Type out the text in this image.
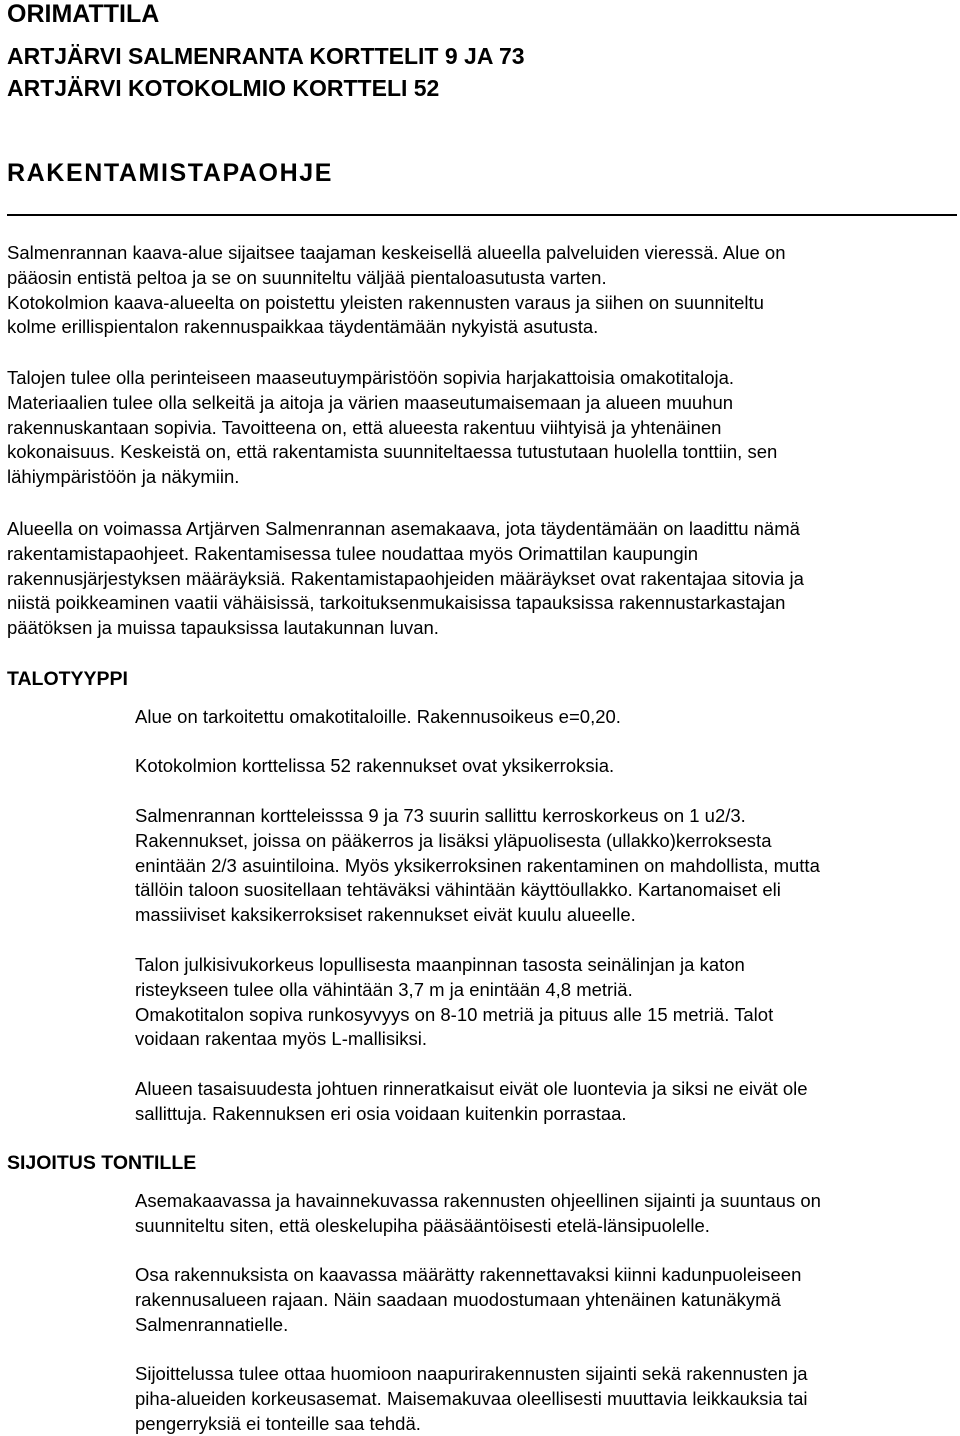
ORIMATTILA
ARTJÄRVI SALMENRANTA KORTTELIT 9 JA 73
ARTJÄRVI KOTOKOLMIO KORTTELI 52
RAKENTAMISTAPAOHJE

Salmenrannan kaava-alue sijaitsee taajaman keskeisellä alueella palveluiden vieressä. Alue on
pääosin entistä peltoa ja se on suunniteltu väljää pientaloasutusta varten.
Kotokolmion kaava-alueelta on poistettu yleisten rakennusten varaus ja siihen on suunniteltu
kolme erillispientalon rakennuspaikkaa täydentämään nykyistä asutusta.

Talojen tulee olla perinteiseen maaseutuympäristöön sopivia harjakattoisia omakotitaloja.
Materiaalien tulee olla selkeitä ja aitoja ja värien maaseutumaisemaan ja alueen muuhun
rakennuskantaan sopivia. Tavoitteena on, että alueesta rakentuu viihtyisä ja yhtenäinen
kokonaisuus. Keskeistä on, että rakentamista suunniteltaessa tutustutaan huolella tonttiin, sen
lähiympäristöön ja näkymiin.

Alueella on voimassa Artjärven Salmenrannan asemakaava, jota täydentämään on laadittu nämä
rakentamistapaohjeet. Rakentamisessa tulee noudattaa myös Orimattilan kaupungin
rakennusjärjestyksen määräyksiä. Rakentamistapaohjeiden määräykset ovat rakentajaa sitovia ja
niistä poikkeaminen vaatii vähäisissä, tarkoituksenmukaisissa tapauksissa rakennustarkastajan
päätöksen ja muissa tapauksissa lautakunnan luvan.

TALOTYYPPI

Alue on tarkoitettu omakotitaloille. Rakennusoikeus e=0,20.

Kotokolmion korttelissa 52 rakennukset ovat yksikerroksia.

Salmenrannan kortteleisssa 9 ja 73 suurin sallittu kerroskorkeus on 1 u2/3.
Rakennukset, joissa on pääkerros ja lisäksi yläpuolisesta (ullakko)kerroksesta
enintään 2/3 asuintiloina. Myös yksikerroksinen rakentaminen on mahdollista, mutta
tällöin taloon suositellaan tehtäväksi vähintään käyttöullakko. Kartanomaiset eli
massiiviset kaksikerroksiset rakennukset eivät kuulu alueelle.

Talon julkisivukorkeus lopullisesta maanpinnan tasosta seinälinjan ja katon
risteykseen tulee olla vähintään 3,7 m ja enintään 4,8 metriä.
Omakotitalon sopiva runkosyvyys on 8-10 metriä ja pituus alle 15 metriä. Talot
voidaan rakentaa myös L-mallisiksi.

Alueen tasaisuudesta johtuen rinneratkaisut eivät ole luontevia ja siksi ne eivät ole
sallittuja. Rakennuksen eri osia voidaan kuitenkin porrastaa.

SIJOITUS TONTILLE

Asemakaavassa ja havainnekuvassa rakennusten ohjeellinen sijainti ja suuntaus on
suunniteltu siten, että oleskelupiha pääsääntöisesti etelä-länsipuolelle.

Osa rakennuksista on kaavassa määrätty rakennettavaksi kiinni kadunpuoleiseen
rakennusalueen rajaan. Näin saadaan muodostumaan yhtenäinen katunäkymä
Salmenrannatielle.

Sijoittelussa tulee ottaa huomioon naapurirakennusten sijainti sekä rakennusten ja
piha-alueiden korkeusasemat. Maisemakuvaa oleellisesti muuttavia leikkauksia tai
pengerryksiä ei tonteille saa tehdä.
